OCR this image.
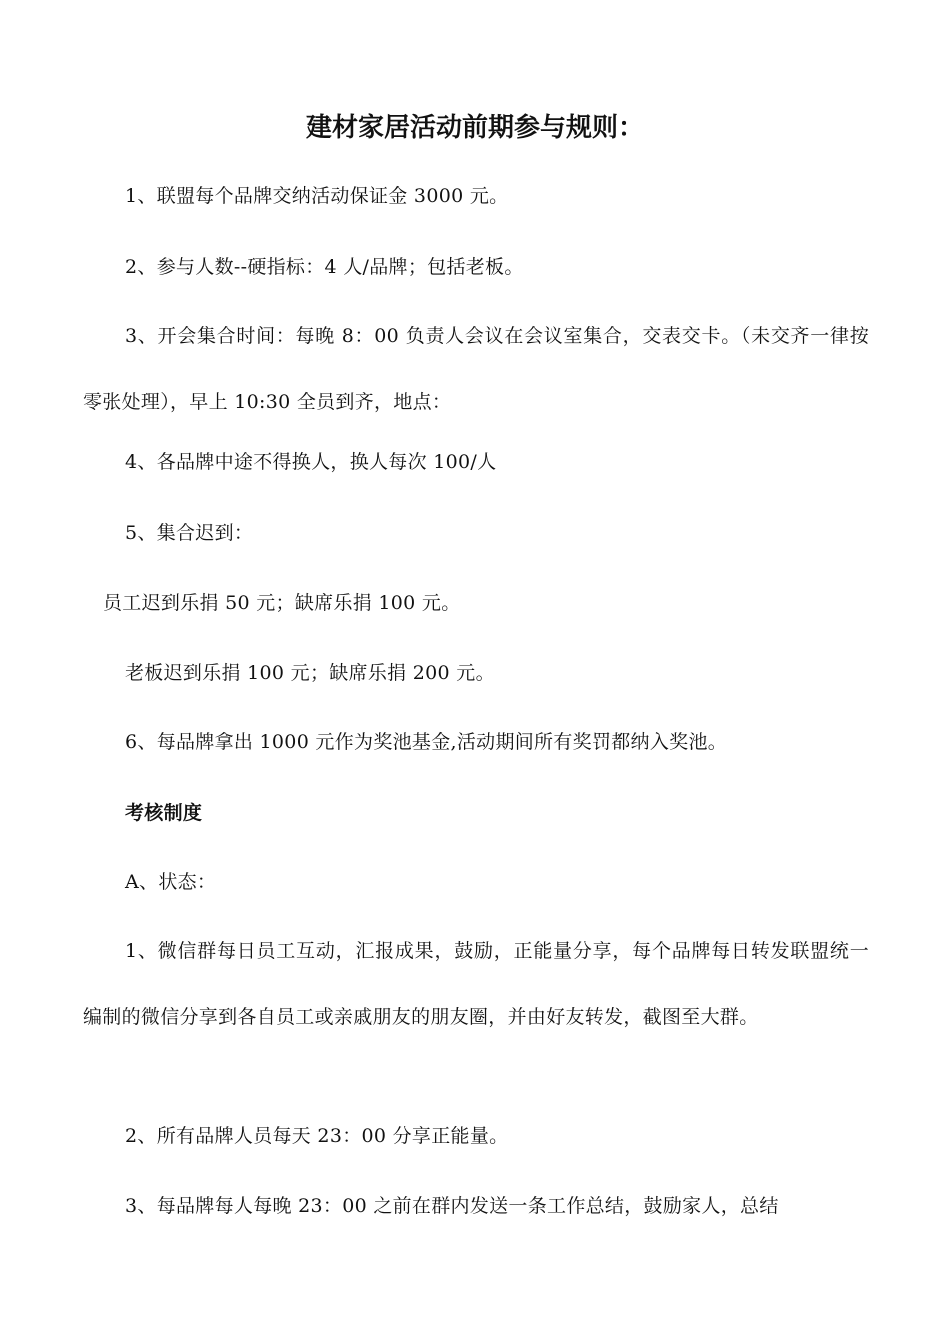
建材家居活动前期参与规则：

1、联盟每个品牌交纳活动保证金 3000 元。

2、参与人数--硬指标：4 人/品牌；包括老板。

3、开会集合时间：每晚 8：00 负责人会议在会议室集合，交表交卡。（未交齐一律按零张处理），早上 10:30 全员到齐，地点：

4、各品牌中途不得换人，换人每次 100/人

5、集合迟到：

员工迟到乐捐 50 元；缺席乐捐 100 元。

老板迟到乐捐 100 元；缺席乐捐 200 元。

6、每品牌拿出 1000 元作为奖池基金,活动期间所有奖罚都纳入奖池。

考核制度

A、状态：

1、微信群每日员工互动，汇报成果，鼓励，正能量分享，每个品牌每日转发联盟统一编制的微信分享到各自员工或亲戚朋友的朋友圈，并由好友转发，截图至大群。

2、所有品牌人员每天 23：00 分享正能量。

3、每品牌每人每晚 23：00 之前在群内发送一条工作总结，鼓励家人，总结
